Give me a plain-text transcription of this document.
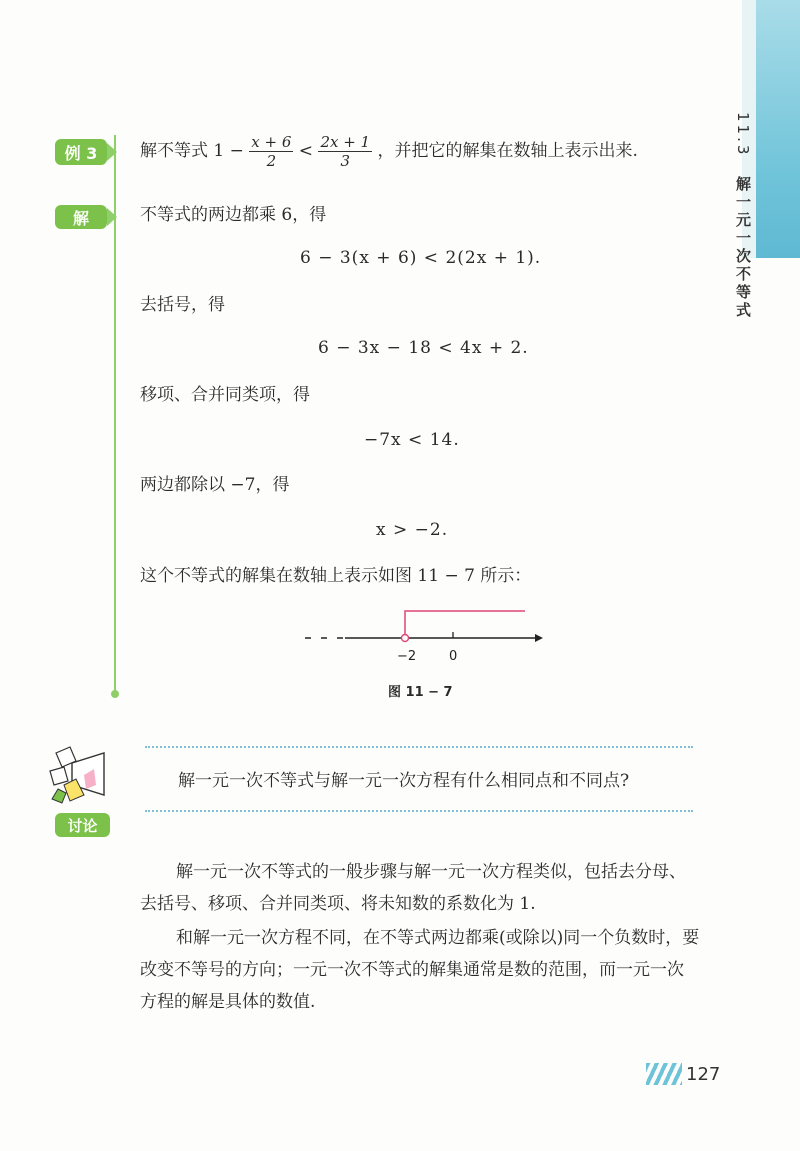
11.3 解一元一次不等式
例 3	解不等式 $1 - \frac{x + 6}{2} < \frac{2x + 1}{3}$ ，并把它的解集在数轴上表示出来.
解	不等式的两边都乘 6，得
6 − 3(x + 6) < 2(2x + 1).
去括号，得
6 − 3x − 18 < 4x + 2.
移项、合并同类项，得
−7x < 14.
两边都除以 −7，得
x > −2.
这个不等式的解集在数轴上表示如图 11 − 7 所示：
−2	0
图 11 − 7
讨论
解一元一次不等式与解一元一次方程有什么相同点和不同点?
解一元一次不等式的一般步骤与解一元一次方程类似，包括去分母、去括号、移项、合并同类项、将未知数的系数化为 1.
和解一元一次方程不同，在不等式两边都乘(或除以)同一个负数时，要改变不等号的方向；一元一次不等式的解集通常是数的范围，而一元一次方程的解是具体的数值.
127
